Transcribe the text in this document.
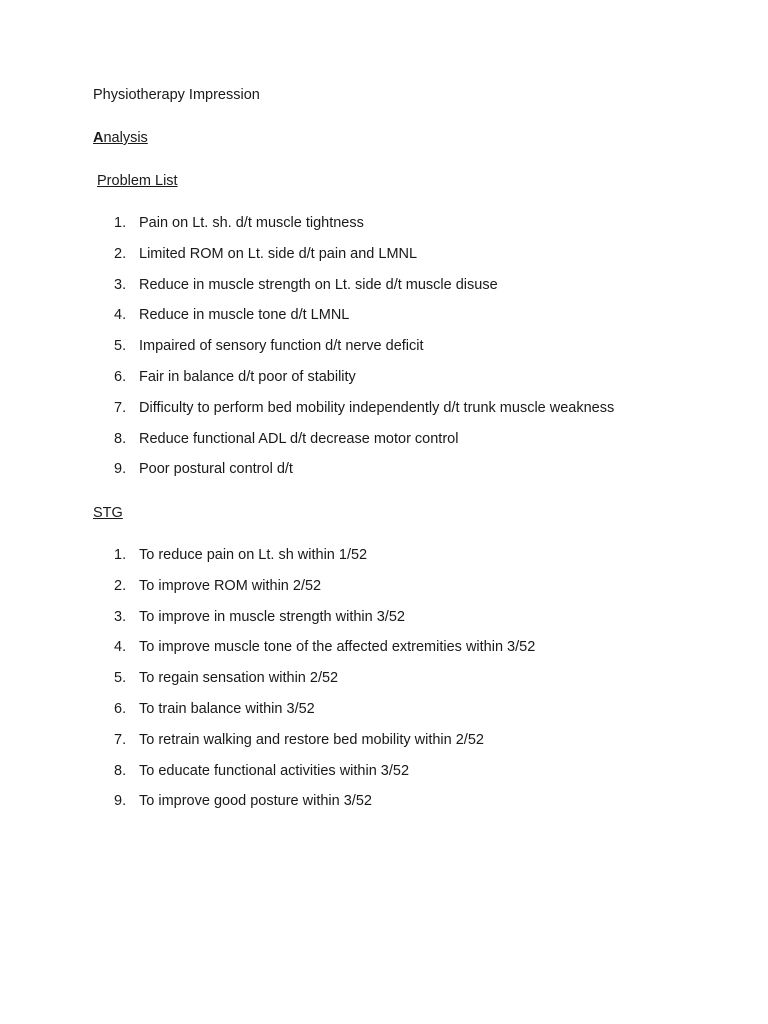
Physiotherapy Impression
Analysis
Problem List
1. Pain on Lt. sh. d/t muscle tightness
2. Limited ROM on Lt. side d/t pain and LMNL
3. Reduce in muscle strength on Lt. side d/t muscle disuse
4. Reduce in muscle tone d/t LMNL
5. Impaired of sensory function d/t nerve deficit
6. Fair in balance d/t poor of stability
7. Difficulty to perform bed mobility independently d/t trunk muscle weakness
8. Reduce functional ADL d/t decrease motor control
9. Poor postural control d/t
STG
1. To reduce pain on Lt. sh within 1/52
2. To improve ROM within 2/52
3. To improve in muscle strength within 3/52
4. To improve muscle tone of the affected extremities within 3/52
5. To regain sensation within 2/52
6. To train balance within 3/52
7. To retrain walking and restore bed mobility within 2/52
8. To educate functional activities within 3/52
9. To improve good posture within 3/52
